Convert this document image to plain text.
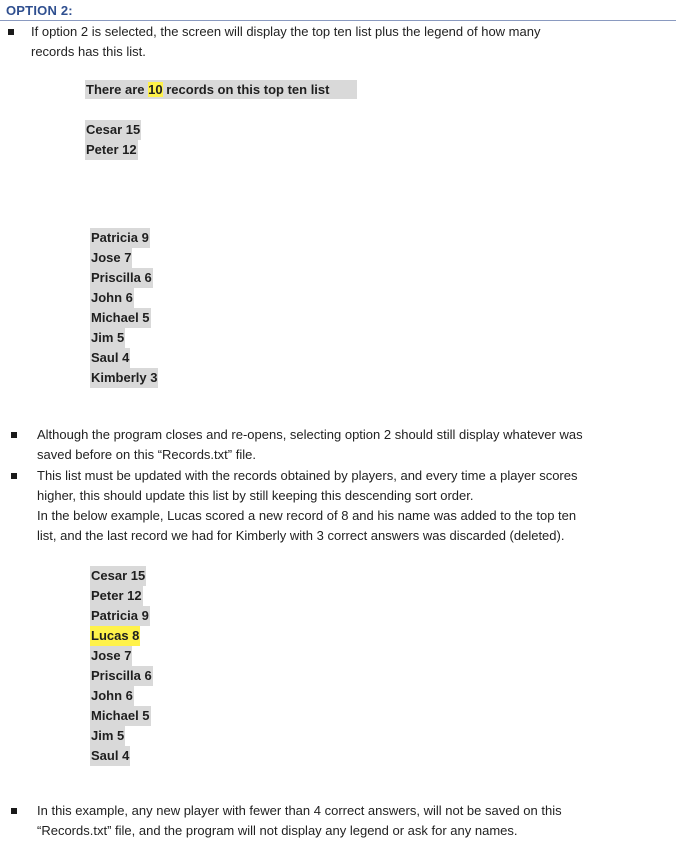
OPTION 2:
If option 2 is selected, the screen will display the top ten list plus the legend of how many
records has this list.
There are 10 records on this top ten list
Cesar 15
Peter 12
Patricia 9
Jose 7
Priscilla 6
John 6
Michael 5
Jim 5
Saul 4
Kimberly 3
Although the program closes and re-opens, selecting option 2 should still display whatever was
saved before on this “Records.txt” file.
This list must be updated with the records obtained by players, and every time a player scores
higher, this should update this list by still keeping this descending sort order.
In the below example, Lucas scored a new record of 8 and his name was added to the top ten
list, and the last record we had for Kimberly with 3 correct answers was discarded (deleted).
Cesar 15
Peter 12
Patricia 9
Lucas 8
Jose 7
Priscilla 6
John 6
Michael 5
Jim 5
Saul 4
In this example, any new player with fewer than 4 correct answers, will not be saved on this
“Records.txt” file, and the program will not display any legend or ask for any names.
